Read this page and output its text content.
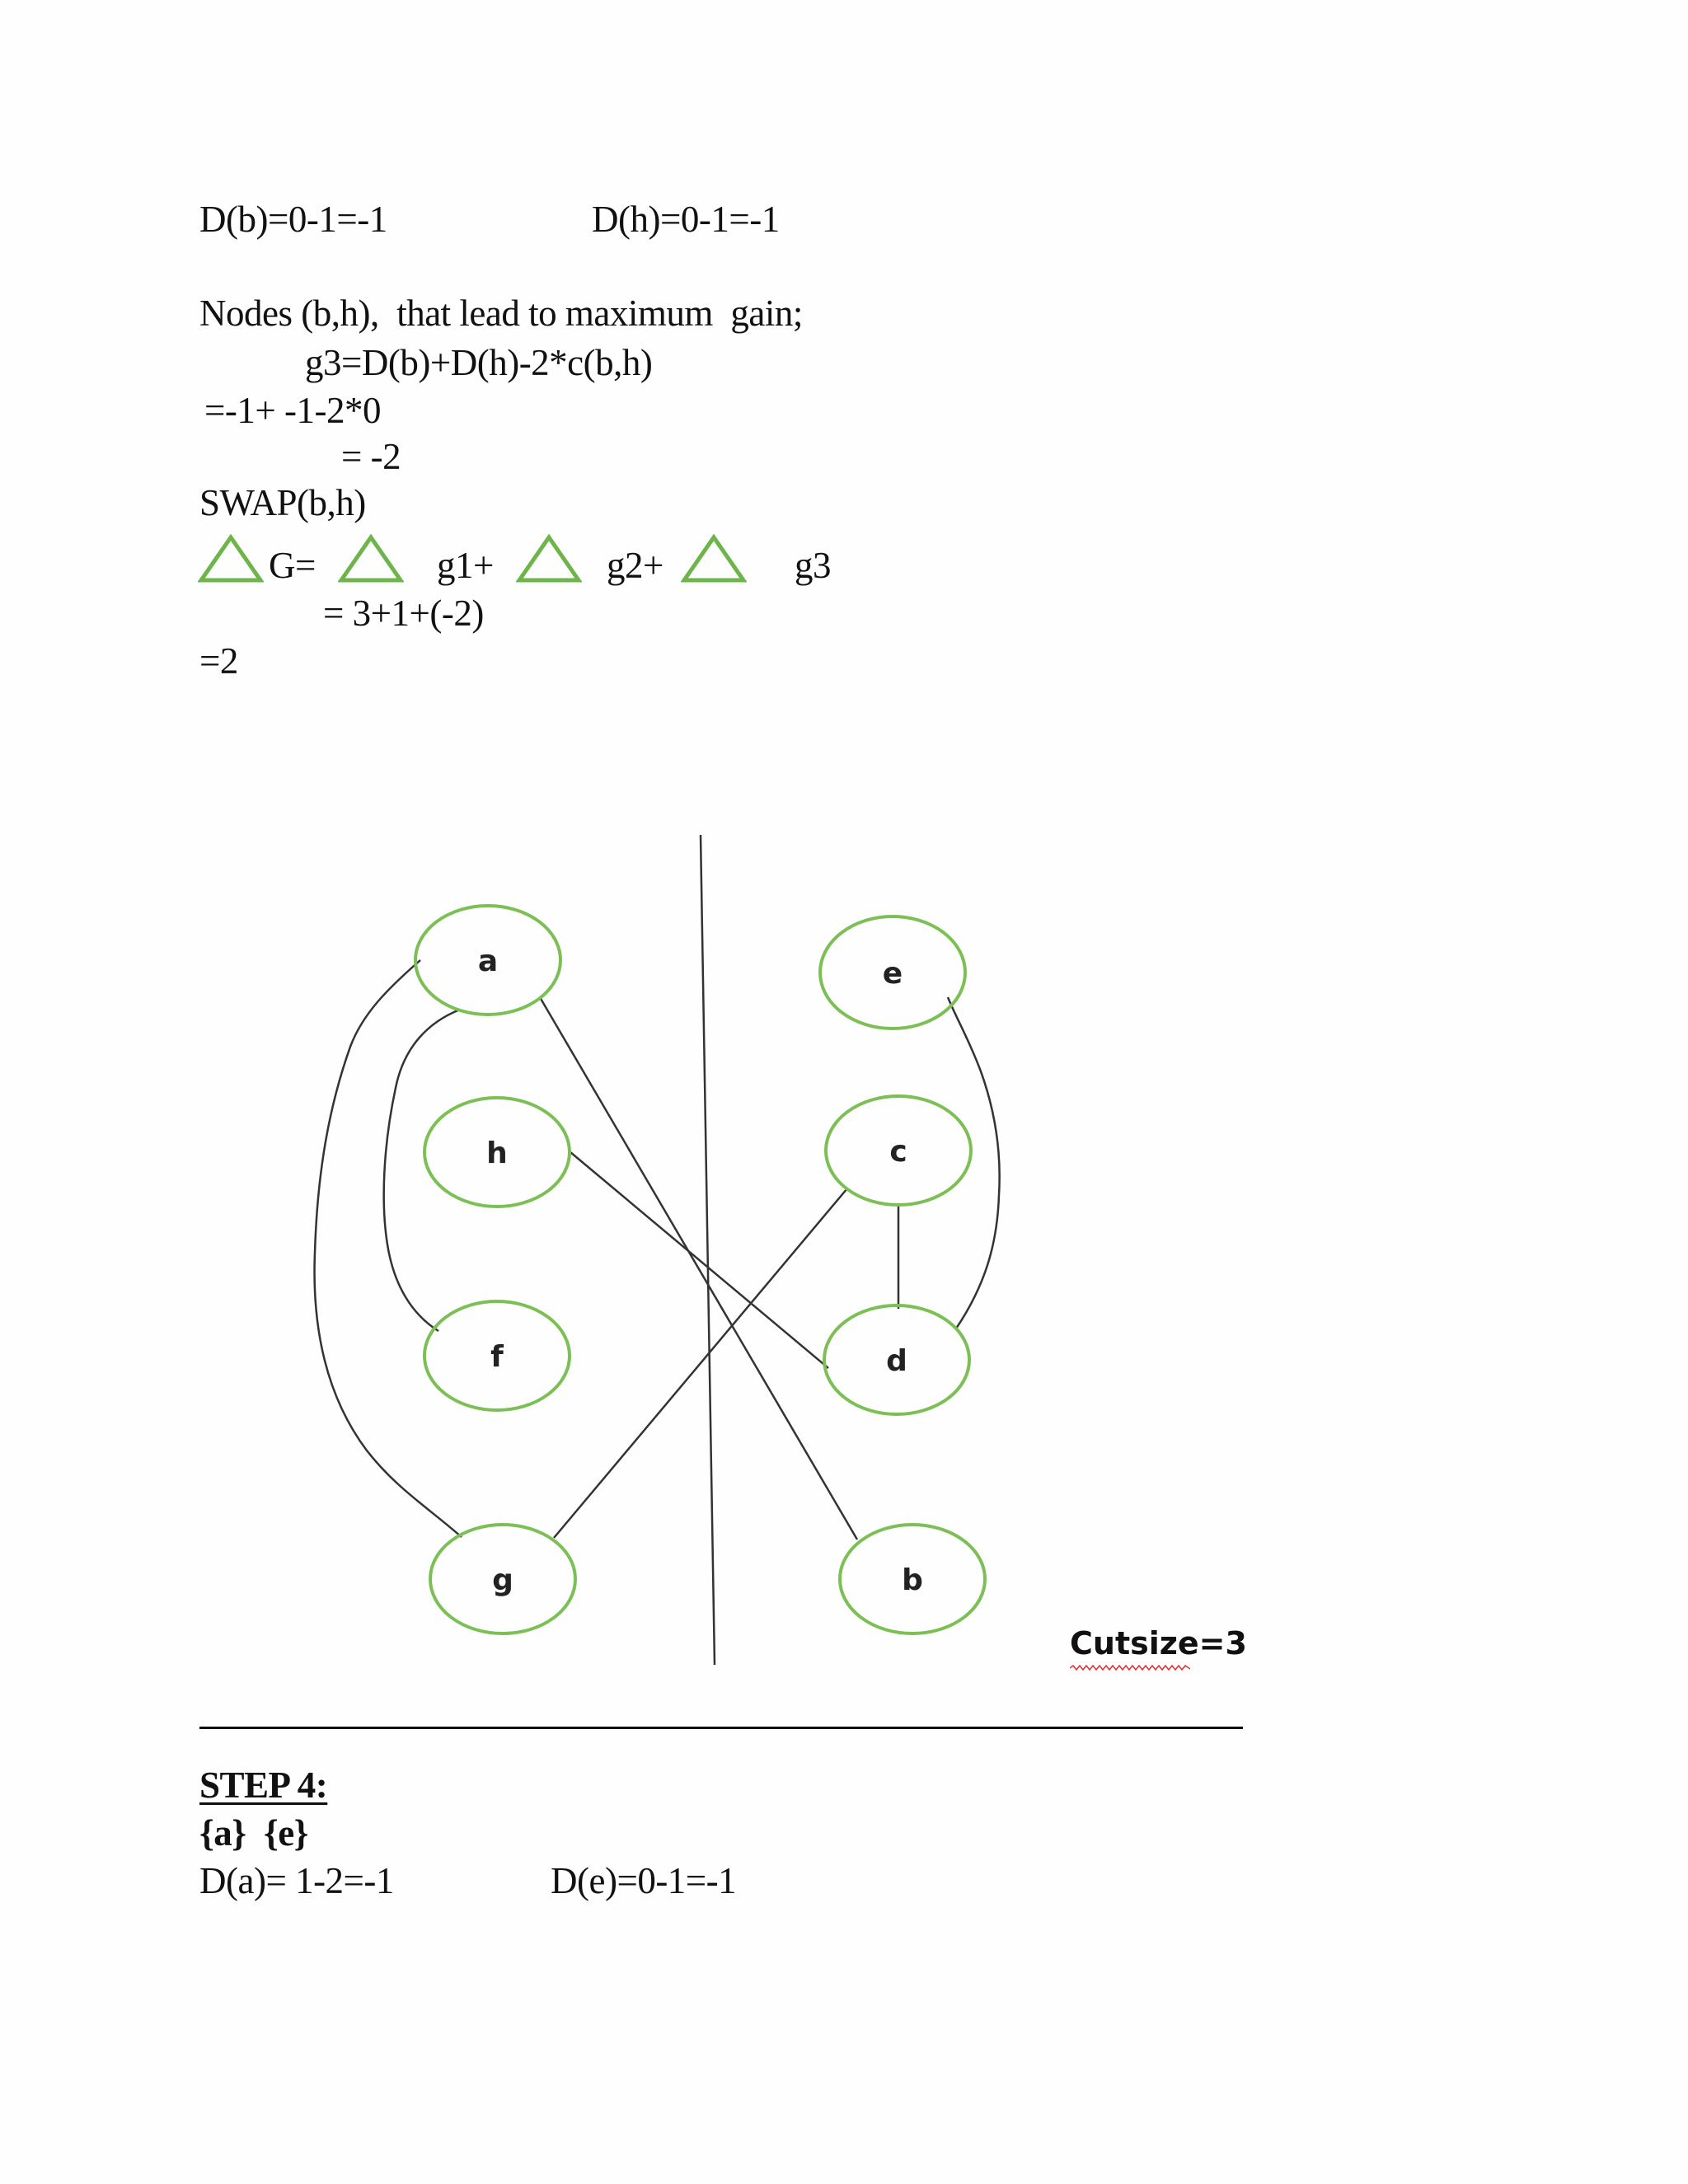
D(b)=0-1=-1	D(h)=0-1=-1
Nodes (b,h),  that lead to maximum  gain;
g3=D(b)+D(h)-2*c(b,h)
=-1+ -1-2*0
= -2
SWAP(b,h)
G=	g1+	g2+	g3
= 3+1+(-2)
=2
a
h
f
g
e
c
d
b
Cutsize=3
STEP 4:
{a}  {e}
D(a)= 1-2=-1	D(e)=0-1=-1
